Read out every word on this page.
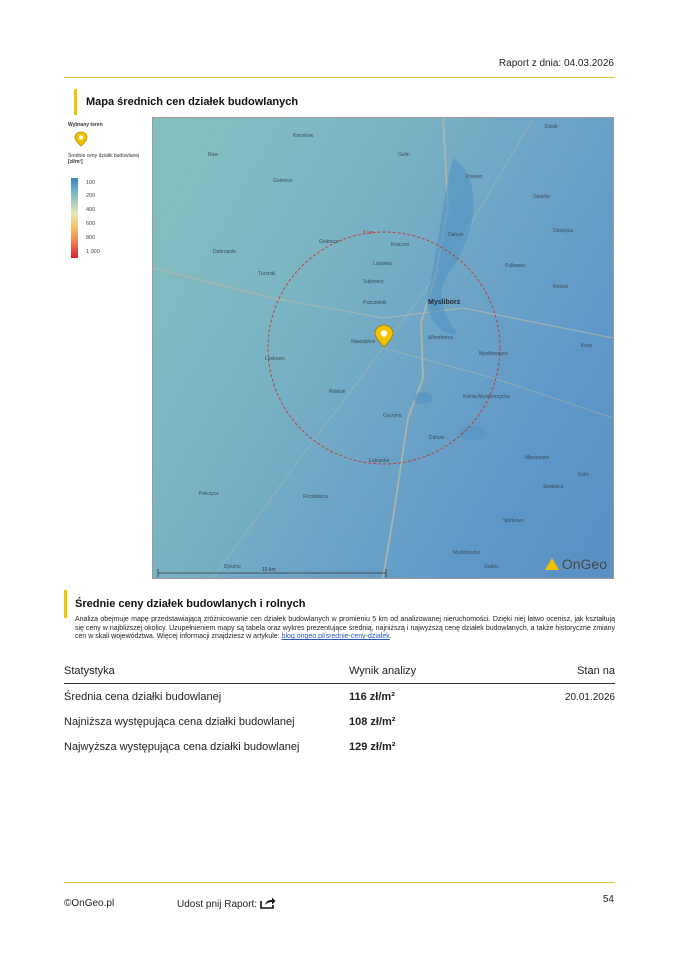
Raport z dnia: 04.03.2026
Mapa średnich cen działek budowlanych
Wybrany teren
Średnie ceny działki budowlanej
[zł/m²]
100
200
400
600
800
1 000
5 km
10 km
Mysliborz
Kierzkow
Row
Golenice	Kraczno
Dobropole
Turzniki
Lutowka
Sulimierz
Pszczelnik
Nawodzice
Wierzbnica
Mysliborzyce
Kolnia Mysliborzycka
Gryzyna
Rokicie
Laskowo
Dalsze
Łubianka
Pełczyce	Rozdolnica
Dyszno
Myśliboczko
Gądno
Dolsk
Kozy
Rościn
Kolin
Pniewo
Glazów
Golin
Dalsze
Marcinowo
Smolnica
Ostrzyca
Pulkowie
Spirkowo
Golenice
OnGeo
Średnie ceny działek budowlanych i rolnych
Analiza obejmuje mapę przedstawiającą zróżnicowanie cen działek budowlanych w promieniu 5 km od analizowanej nieruchomości. Dzięki niej łatwo ocenisz, jak kształtują się ceny w najbliższej okolicy. Uzupełnieniem mapy są tabela oraz wykres prezentujące średnią, najniższą i najwyższą cenę działek budowlanych, a także historyczne zmiany cen w skali województwa. Więcej informacji znajdziesz w artykule: blog.ongeo.pl/srednie-ceny-dzialek.
Statystyka	Wynik analizy	Stan na
Średnia cena działki budowlanej	116 zł/m²	20.01.2026
Najniższa występująca cena działki budowlanej	108 zł/m²
Najwyższa występująca cena działki budowlanej	129 zł/m²
©OnGeo.pl	Udost pnij Raport:	54
